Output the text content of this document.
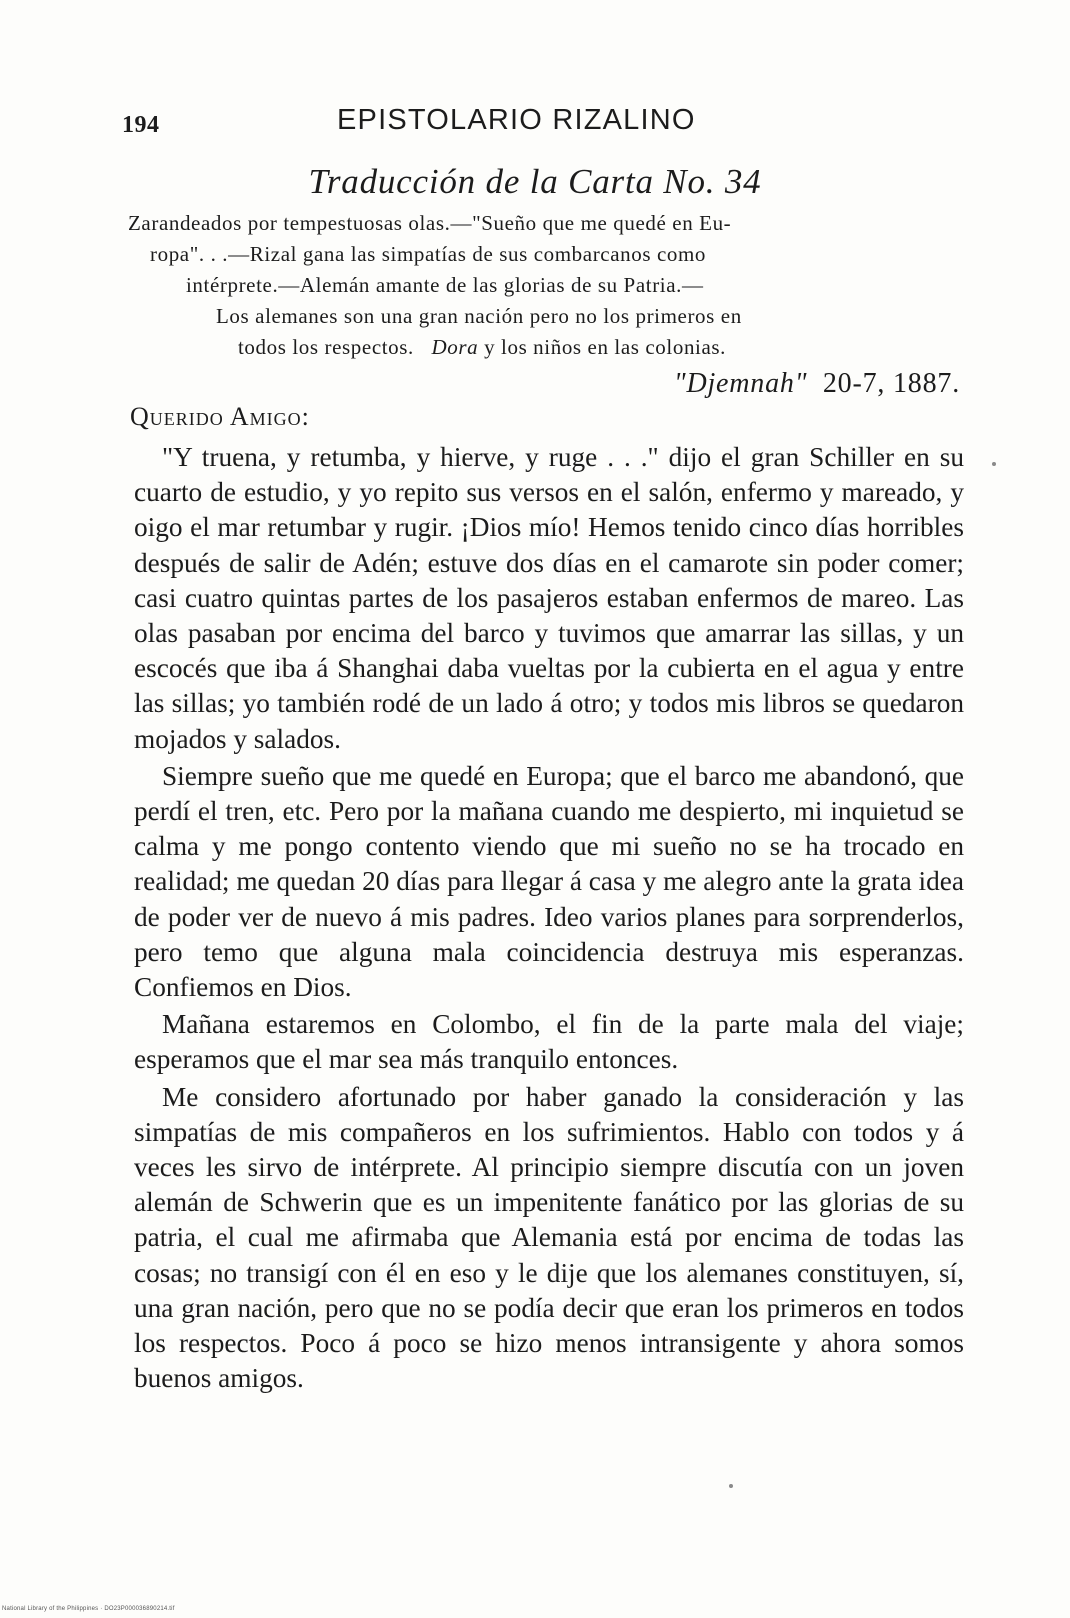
194	EPISTOLARIO RIZALINO
Traducción de la Carta No. 34
Zarandeados por tempestuosas olas.—"Sueño que me quedé en Eu-
ropa". . .—Rizal gana las simpatías de sus combarcanos como
intérprete.—Alemán amante de las glorias de su Patria.—
Los alemanes son una gran nación pero no los primeros en
todos los respectos. Dora y los niños en las colonias.
"Djemnah" 20-7, 1887.
Querido Amigo:

"Y truena, y retumba, y hierve, y ruge . . ." dijo el gran Schiller en su cuarto de estudio, y yo repito sus versos en el salón, enfermo y mareado, y oigo el mar retumbar y rugir. ¡Dios mío! Hemos tenido cinco días horribles después de salir de Adén; estuve dos días en el camarote sin poder comer; casi cuatro quintas partes de los pasajeros estaban enfermos de mareo. Las olas pasaban por encima del barco y tuvimos que amarrar las sillas, y un escocés que iba á Shanghai daba vueltas por la cubierta en el agua y entre las sillas; yo también rodé de un lado á otro; y todos mis libros se quedaron mojados y salados.

Siempre sueño que me quedé en Europa; que el barco me abandonó, que perdí el tren, etc. Pero por la mañana cuando me despierto, mi inquietud se calma y me pongo contento viendo que mi sueño no se ha trocado en realidad; me quedan 20 días para llegar á casa y me alegro ante la grata idea de poder ver de nuevo á mis padres. Ideo varios planes para sorprenderlos, pero temo que alguna mala coincidencia destruya mis esperanzas. Confiemos en Dios.

Mañana estaremos en Colombo, el fin de la parte mala del viaje; esperamos que el mar sea más tranquilo entonces.

Me considero afortunado por haber ganado la consideración y las simpatías de mis compañeros en los sufrimientos. Hablo con todos y á veces les sirvo de intérprete. Al principio siempre discutía con un joven alemán de Schwerin que es un impenitente fanático por las glorias de su patria, el cual me afirmaba que Alemania está por encima de todas las cosas; no transigí con él en eso y le dije que los alemanes constituyen, sí, una gran nación, pero que no se podía decir que eran los primeros en todos los respectos. Poco á poco se hizo menos intransigente y ahora somos buenos amigos.

National Library of the Philippines · DO23P000036890214.tif
